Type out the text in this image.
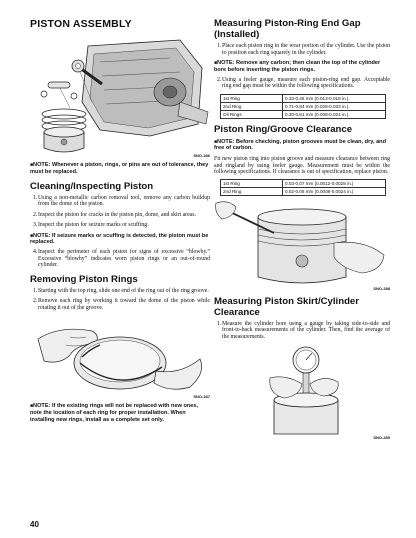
PISTON ASSEMBLY
SNO-286
■NOTE: Whenever a piston, rings, or pins are out of tolerance, they must be replaced.
Cleaning/Inspecting Piston
1. Using a non-metallic carbon removal tool, remove any carbon buildup from the dome of the piston.
2. Inspect the piston for cracks in the piston pin, dome, and skirt areas.
3. Inspect the piston for seizure marks or scuffing.
■NOTE: If seizure marks or scuffing is detected, the piston must be replaced.
4. Inspect the perimeter of each piston for signs of excessive “blowby.” Excessive “blowby” indicates worn piston rings or an out-of-round cylinder.
Removing Piston Rings
1. Starting with the top ring, slide one end of the ring out of the ring groove.
2. Remove each ring by working it toward the dome of the piston while rotating it out of the groove.
SNO-287
■NOTE: If the existing rings will not be replaced with new ones, note the location of each ring for proper installation. When installing new rings, install as a complete set only.
Measuring Piston-Ring End Gap (Installed)
1. Place each piston ring in the wear portion of the cylinder. Use the piston to position each ring squarely in the cylinder.
■NOTE: Remove any carbon; then clean the top of the cylinder bore before inserting the piston rings.
2. Using a feeler gauge, measure each piston-ring end gap. Acceptable ring end gap must be within the following specifications.
1st Ring	0.33-0.46 mm (0.013-0.018 in.)
2nd Ring	0.71-0.84 mm (0.028-0.033 in.)
Oil Rings	0.20-0.61 mm (0.008-0.024 in.)
Piston Ring/Groove Clearance
■NOTE: Before checking, piston grooves must be clean, dry, and free of carbon.
Fit new piston ring into piston groove and measure clearance between ring and ringland by using feeler gauge. Measurement must be within the following specifications. If clearance is out of specification, replace piston.
1st Ring	0.03-0.07 mm (0.0012-0.0028 in.)
2nd Ring	0.02-0.06 mm (0.0008-0.0024 in.)
SNO-288
Measuring Piston Skirt/Cylinder Clearance
1. Measure the cylinder bore using a gauge by taking side-to-side and front-to-back measurements of the cylinder. Then, find the average of the measurements.
SNO-289
40
